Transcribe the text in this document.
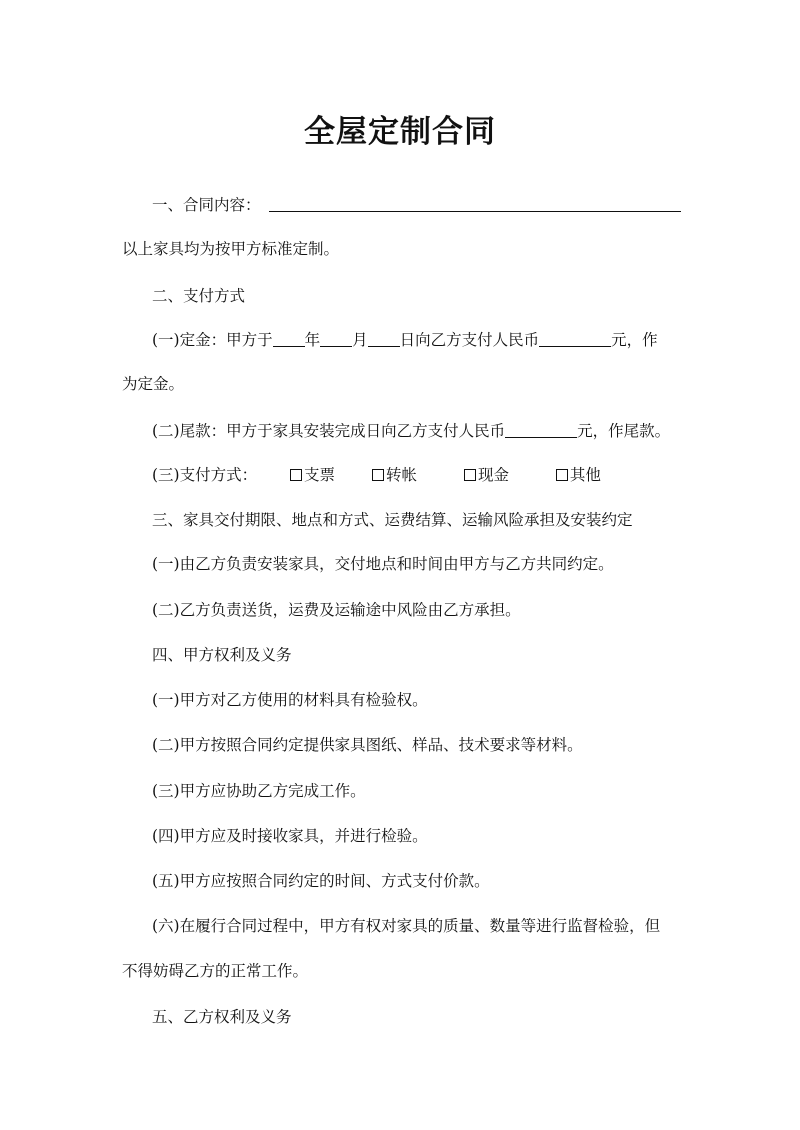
全屋定制合同
一、合同内容：
以上家具均为按甲方标准定制。
二、支付方式
(一)定金：甲方于 年 月 日向乙方支付人民币	元，作
为定金。
(二)尾款：甲方于家具安装完成日向乙方支付人民币	元，作尾款。
(三)支付方式：	支票	转帐	现金	其他
三、家具交付期限、地点和方式、运费结算、运输风险承担及安装约定
(一)由乙方负责安装家具，交付地点和时间由甲方与乙方共同约定。
(二)乙方负责送货，运费及运输途中风险由乙方承担。
四、甲方权利及义务
(一)甲方对乙方使用的材料具有检验权。
(二)甲方按照合同约定提供家具图纸、样品、技术要求等材料。
(三)甲方应协助乙方完成工作。
(四)甲方应及时接收家具，并进行检验。
(五)甲方应按照合同约定的时间、方式支付价款。
(六)在履行合同过程中，甲方有权对家具的质量、数量等进行监督检验，但
不得妨碍乙方的正常工作。
五、乙方权利及义务
